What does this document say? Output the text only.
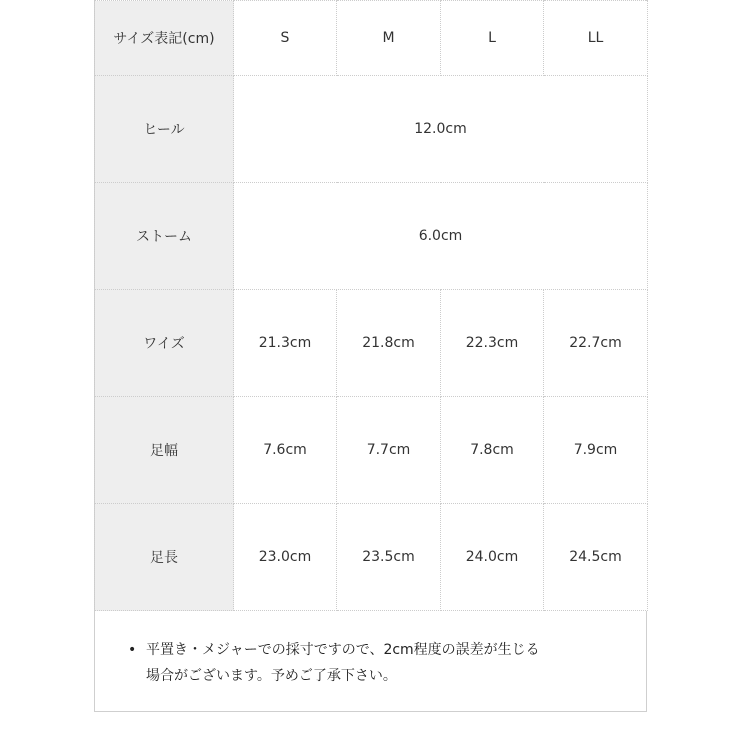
サイズ表記(cm)	S	M	L	LL
ヒール	12.0cm			
ストーム	6.0cm			
ワイズ	21.3cm	21.8cm	22.3cm	22.7cm
足幅	7.6cm	7.7cm	7.8cm	7.9cm
足長	23.0cm	23.5cm	24.0cm	24.5cm
• 平置き・メジャーでの採寸ですので、2cm程度の誤差が生じる
場合がございます。予めご了承下さい。
